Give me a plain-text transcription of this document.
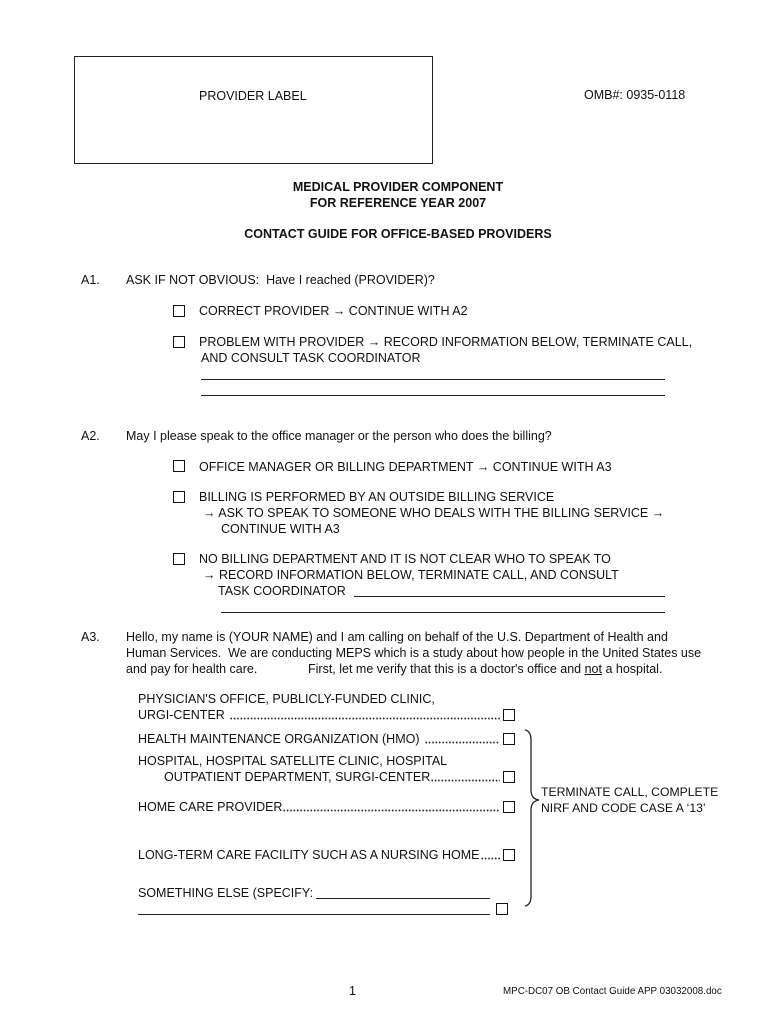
PROVIDER LABEL	OMB#: 0935-0118
MEDICAL PROVIDER COMPONENT
FOR REFERENCE YEAR 2007
CONTACT GUIDE FOR OFFICE-BASED PROVIDERS
A1. ASK IF NOT OBVIOUS:  Have I reached (PROVIDER)?
CORRECT PROVIDER → CONTINUE WITH A2
PROBLEM WITH PROVIDER → RECORD INFORMATION BELOW, TERMINATE CALL,
AND CONSULT TASK COORDINATOR
A2. May I please speak to the office manager or the person who does the billing?
OFFICE MANAGER OR BILLING DEPARTMENT → CONTINUE WITH A3
BILLING IS PERFORMED BY AN OUTSIDE BILLING SERVICE
→ ASK TO SPEAK TO SOMEONE WHO DEALS WITH THE BILLING SERVICE →
CONTINUE WITH A3
NO BILLING DEPARTMENT AND IT IS NOT CLEAR WHO TO SPEAK TO
→ RECORD INFORMATION BELOW, TERMINATE CALL, AND CONSULT
TASK COORDINATOR
A3. Hello, my name is (YOUR NAME) and I am calling on behalf of the U.S. Department of Health and
Human Services.  We are conducting MEPS which is a study about how people in the United States use
and pay for health care.	First, let me verify that this is a doctor's office and not a hospital.
PHYSICIAN'S OFFICE, PUBLICLY-FUNDED CLINIC,
URGI-CENTER
HEALTH MAINTENANCE ORGANIZATION (HMO)
HOSPITAL, HOSPITAL SATELLITE CLINIC, HOSPITAL
OUTPATIENT DEPARTMENT, SURGI-CENTER
HOME CARE PROVIDER
LONG-TERM CARE FACILITY SUCH AS A NURSING HOME
SOMETHING ELSE (SPECIFY:
TERMINATE CALL, COMPLETE
NIRF AND CODE CASE A ‘13’
1	MPC-DC07 OB Contact Guide APP 03032008.doc
